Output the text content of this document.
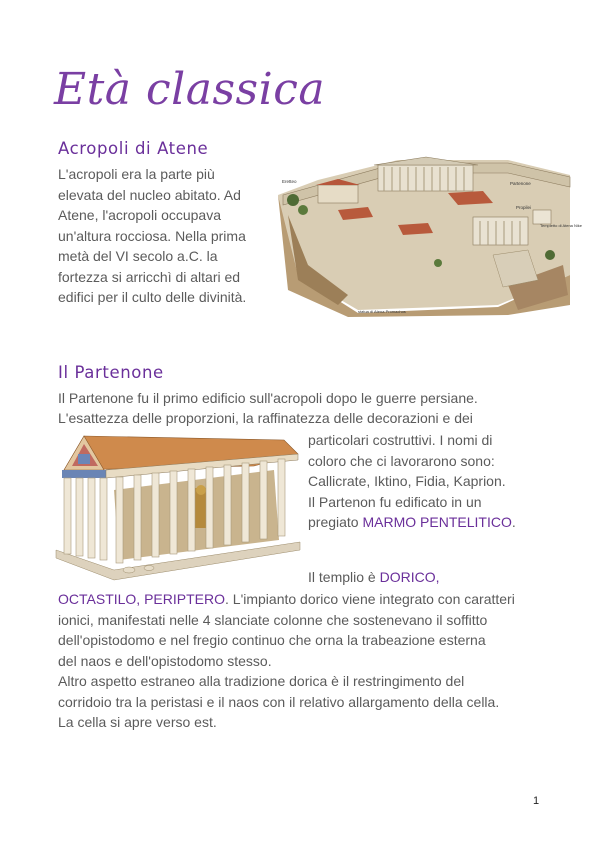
Età classica
Acropoli di Atene
L'acropoli era la parte più
elevata del nucleo abitato. Ad
Atene, l'acropoli occupava
un'altura rocciosa. Nella prima
metà del VI secolo a.C. la
fortezza si arricchì di altari ed
edifici per il culto delle divinità.
Eretteo	Partenone
Propilei
Tempietto di Atena Nike
statua di Atena Promachos
Il Partenone
Il Partenone fu il primo edificio sull'acropoli dopo le guerre persiane.
L'esattezza delle proporzioni, la raffinatezza delle decorazioni e dei
particolari costruttivi. I nomi di
coloro che ci lavorarono sono:
Callicrate, Iktino, Fidia, Kaprion.
Il Partenon fu edificato in un
pregiato MARMO PENTELITICO.
Il templio è DORICO,
OCTASTILO, PERIPTERO. L'impianto dorico viene integrato con caratteri
ionici, manifestati nelle 4 slanciate colonne che sostenevano il soffitto
dell'opistodomo e nel fregio continuo che orna la trabeazione esterna
del naos e dell'opistodomo stesso.
Altro aspetto estraneo alla tradizione dorica è il restringimento del
corridoio tra la peristasi e il naos con il relativo allargamento della cella.
La cella si apre verso est.
1
